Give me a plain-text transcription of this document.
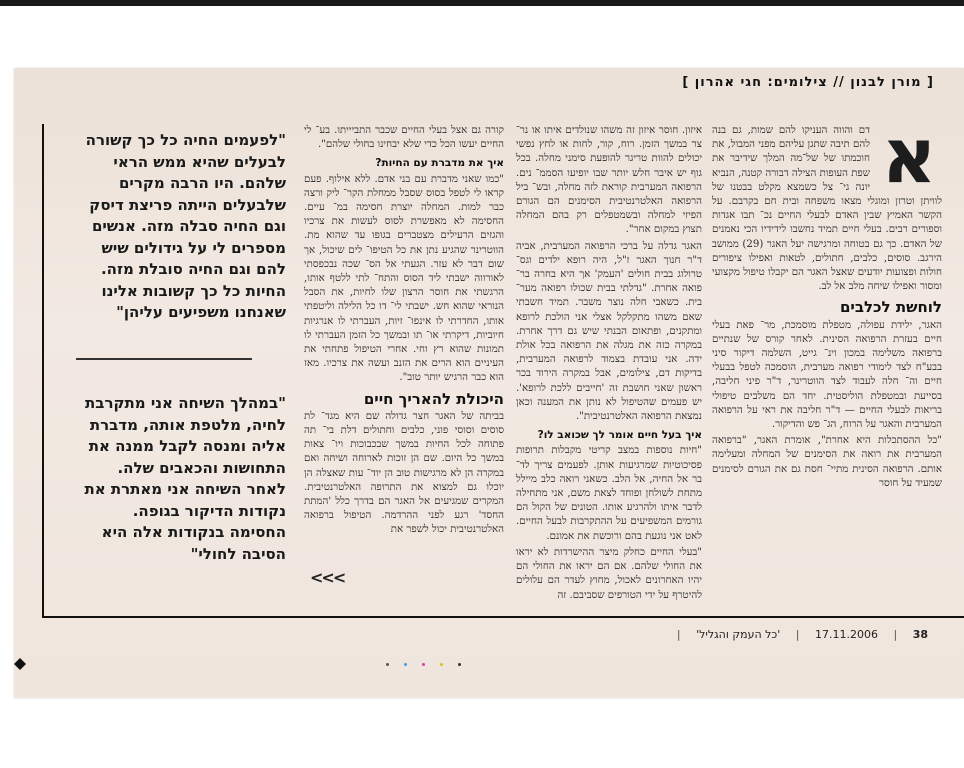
[ מורן לבנון // צילומים: חגי אהרון ]
א

דם והווה העניקו להם שמות, גם בנה להם תיבה שתגן עליהם מפני המבול, את חוכמתו של של־מה המלך שידיבר את שפת העופות הצילה דבורה קטנה, הנביא יונה גי־ צל כשמצא מקלט בבטנו של לוויתן וטרזן ומוגלי מצאו משפחה ובית חם בקרבם. על הקשר האמיץ שבין האדם לבעלי החיים נכ־ תבו אגדות וספורים רבים. בעלי חיים תמיד נחשבו לידידיו הכי נאמנים של האדם. כך גם בטוחה ומרגישה יעל האגר (29) ממושב הירגב. סוסים, כלבים, חתולים, לטאות ואפילו ציפורים חולות ופצועות יודעים שאצל האגר הם יקבלו טיפול מקצועי ומסור ואפילו שיחה מלב אל לב.

לוחשת לכלבים

האגר, ילידת עפולה, מטפלת מוסמכת, מר־ פאת בעלי חיים בעזרת הרפואה הסינית. לאחר קורס של שנתיים ברפואה משלימה במכון וינ־ גייט, השלמה דיקור סיני בבע"ח לצד לימודי רפואה מערבית, הוסמכה לטפל בבעלי חיים וה־ חלה לעבוד לצד הווטרינר, ד"ר פיני חליבה, בסייעת ובמטפלת הוליסטית. יחד הם משלבים טיפולי בריאות לבעלי החיים — ד"ר חליבה את ראי על הרפואה המערבית והאגר על הרוח, הג־ פש והדיקור.

"כל ההסתכלות היא אחרת", אומרת האגר, "ברפואה המערבית את רואה את הסימנים של המחלה ומעלימה אותם. הרפואה הסינית מתיי־ חסת גם את הגורם לסימנים שמעיד על חוסר

איזון. חוסר איזון זה משהו שנולדים איתו או נר־ צר במשך הזמן. רוח, קור, לחות או לחץ נפשי יכולים להוות טריגר להופעת סימני מחלה. בכל גוף יש איבר חלש יותר שבו יופיעו הסממ־ נים. הרפואה המערבית קוראת לזה מחלה, ובש־ ביל הרפואה האלטרנטיבית הסימנים הם הגורם הפיזי למחלה ובשמטפלים רק בהם המחלה תצוץ במקום אחר".

האגר גדלה על ברכי הרפואה המערבית, אביה ד"ר חנוך האגר ז"ל, היה רופא ילדים וגס־ טרולוג בבית חולים 'העמק' אך היא בחרה בר־ פואה אחרת. "גדלתי בבית שכולו רפואה מער־ בית. כשאבי חלה נוצר משבר. תמיד חשבתי שאם משהו מתקלקל אצלי אני הולכת לרופא ומתקנים, ופתאום הבנתי שיש גם דרך אחרת. במקרה כזה את מגלה את הרפואה בכל אולת ידה. אני עובדת בצמוד לרפואה המערבית, בדיקות דם, צילומים, אבל במקרה הירוד בכר ראשון שאני חושבת זה 'חייבים ללכת לרופא'. יש פעמים שהטיפול לא נותן את המענה וכאן נמצאת הרפואה האלטרנטיבית".

איך בעל חיים אומר לך שכואב לו?

"חיות נוספות במצב קריטי מקבלות תרופות פסיכוטיות שמרגיעות אותן. לפעמים צריך לד־ בר אל החיה, אל הלב. כשאני רואה כלב מיילל מתחת לשולחן ופוחד לצאת משם, אני מתחילה לדבר איתו ולהרגיע אותו. הטונים של הקול הם גורמים המשפיעים על ההתקרבות לבעל החיים. לאט אני נוגעת בהם ורוכשת את אמונם.

"בעלי החיים כחלק מיצר ההישרדות לא יראו את החולי שלהם. אם הם יראו את החולי הם יהיו האחרונים לאכול, מחוץ לעדר הם עלולים להיטרף על ידי הטורפים שסביבם. זה

קורה גם אצל בעלי החיים שכבר התביייתו. בע־ לי החיים יעשו הכל כדי שלא יבחינו בחולי שלהם".

איך את מדברת עם החיות?

"כמו שאני מדברת עם בני אדם. ללא אילוף. פעם קראו לי לטפל בסוס שסבל ממחלת הקר־ ליק ורצה כבר למות. המחלה יוצרת חסימה במ־ עיים. החסימה לא מאפשרת לסוס לעשות את צרכיו והגזים הרעילים מצטברים בגופו עד שהוא מת. הווטרינר שהגיע נתן את כל הטיפו־ לים שיכול, אך שום דבר לא עזר. הגעתי אל הס־ שכה נבכפסתי לאורווה ישבתי ליד הסוס והתח־ לתי ללטף אותו, הרגשתי את חוסר הרצון שלו לחיות, את הסבל הנוראי שהוא חש. ישבתי לי־ דו כל הלילה וליטפתי אותו, החדרתי לו אינפו־ זיות, העברתי לו אנרגיות חיוביות, דיקרתי או־ תו ובמשך כל הזמן העברתי לו תמונות שהוא רץ וחי. אחרי הטיפול פתחתי את העיניים הוא הרים את הזנב ועשה את צרכיו. מאז הוא כבר הרגיש יותר טוב".

היכולת להאריך חיים

בביתה של האגר חצר גדולה שם היא מגד־ לת סוסים וסוסי פוני, כלבים וחתולים דלת בי־ תה פתוחה לכל החיות במשך שבכבוכות ויו־ צאות במשך כל היום. שם הן זוכות לארוחה ושיחה ואם במקרה הן לא מרגישות טוב הן יוד־ עות שאצלה הן יוכלו גם למצוא את התרופה האלטרנטיבית. המקרים שמגיעים אל האגר הם בדרך כלל 'המתת החסד' רגע לפני ההרדמה. הטיפול ברפואה האלטרנטיבית יכול לשפר את

<<<
"לפעמים החיה כל כך קשורה לבעלים שהיא ממש הראי שלהם. היו הרבה מקרים שלבעלים הייתה פריצת דיסק וגם החיה סבלה מזה. אנשים מספרים לי על גידולים שיש להם וגם החיה סובלת מזה. החיות כל כך קשובות אלינו שאנחנו משפיעים עליהן"
"במהלך השיחה אני מתקרבת לחיה, מלטפת אותה, מדברת אליה ומנסה לקבל ממנה את התחושות והכאבים שלה. לאחר השיחה אני מאתרת את נקודות הדיקור בגופה. החסימה בנקודות אלה היא הסיבה לחולי"
38 | 17.11.2006 | 'כל העמק והגליל' |
